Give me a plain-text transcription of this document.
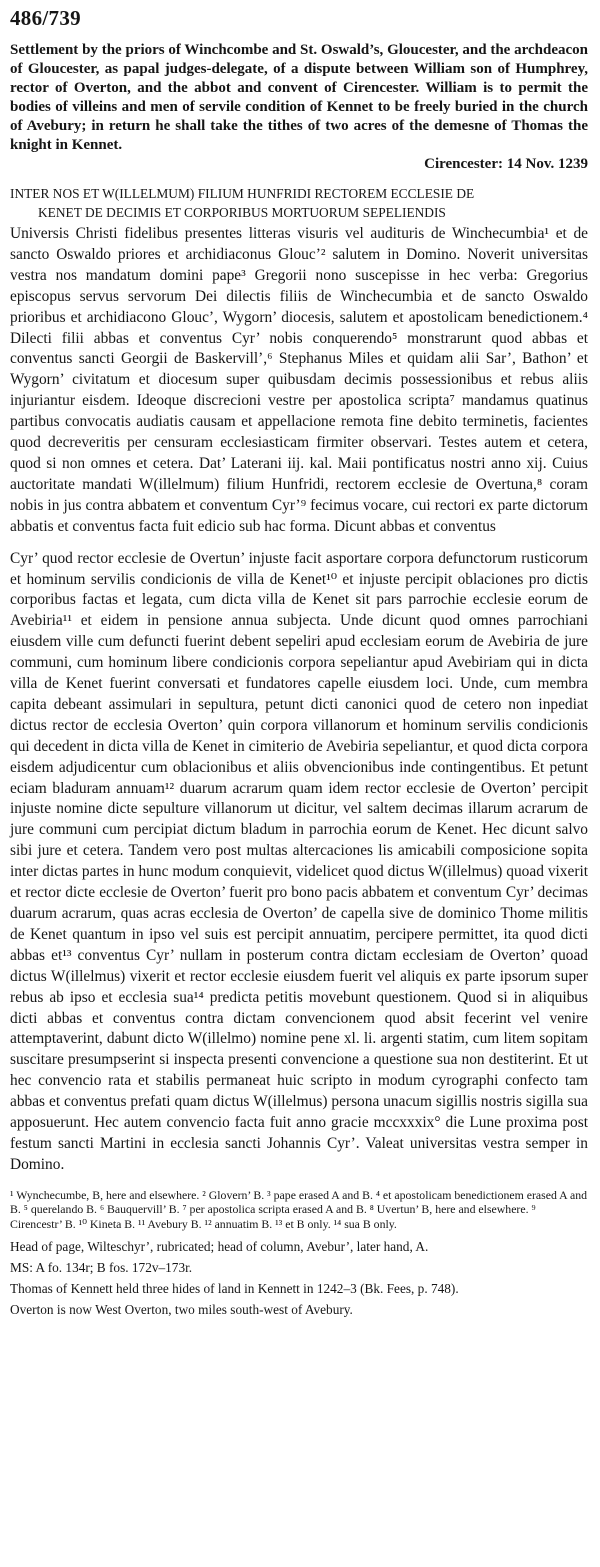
486/739
Settlement by the priors of Winchcombe and St. Oswald’s, Gloucester, and the archdeacon of Gloucester, as papal judges-delegate, of a dispute between William son of Humphrey, rector of Overton, and the abbot and convent of Cirencester. William is to permit the bodies of villeins and men of servile condition of Kennet to be freely buried in the church of Avebury; in return he shall take the tithes of two acres of the demesne of Thomas the knight in Kennet.
Cirencester: 14 Nov. 1239
INTER NOS ET W(ILLELMUM) FILIUM HUNFRIDI RECTOREM ECCLESIE DE
KENET DE DECIMIS ET CORPORIBUS MORTUORUM SEPELIENDIS

Universis Christi fidelibus presentes litteras visuris vel audituris de Winchecumbia¹ et de sancto Oswaldo priores et archidiaconus Glouc’² salutem in Domino. Noverit universitas vestra nos mandatum domini pape³ Gregorii nono suscepisse in hec verba: Gregorius episcopus servus servorum Dei dilectis filiis de Winchecumbia et de sancto Oswaldo prioribus et archidiacono Glouc’, Wygorn’ diocesis, salutem et apostolicam benedictionem.⁴ Dilecti filii abbas et conventus Cyr’ nobis conquerendo⁵ monstrarunt quod abbas et conventus sancti Georgii de Baskervill’,⁶ Stephanus Miles et quidam alii Sar’, Bathon’ et Wygorn’ civitatum et diocesum super quibusdam decimis possessionibus et rebus aliis injuriantur eisdem. Ideoque discrecioni vestre per apostolica scripta⁷ mandamus quatinus partibus convocatis audiatis causam et appellacione remota fine debito terminetis, facientes quod decreveritis per censuram ecclesiasticam firmiter observari. Testes autem et cetera, quod si non omnes et cetera. Dat’ Laterani iij. kal. Maii pontificatus nostri anno xij. Cuius auctoritate mandati W(illelmum) filium Hunfridi, rectorem ecclesie de Overtuna,⁸ coram nobis in jus contra abbatem et conventum Cyr’⁹ fecimus vocare, cui rectori ex parte dictorum abbatis et conventus facta fuit edicio sub hac forma. Dicunt abbas et conventus

Cyr’ quod rector ecclesie de Overtun’ injuste facit asportare corpora defunctorum rusticorum et hominum servilis condicionis de villa de Kenet¹⁰ et injuste percipit oblaciones pro dictis corporibus factas et legata, cum dicta villa de Kenet sit pars parrochie ecclesie eorum de Avebiria¹¹ et eidem in pensione annua subjecta. Unde dicunt quod omnes parrochiani eiusdem ville cum defuncti fuerint debent sepeliri apud ecclesiam eorum de Avebiria de jure communi, cum hominum libere condicionis corpora sepeliantur apud Avebiriam qui in dicta villa de Kenet fuerint conversati et fundatores capelle eiusdem loci. Unde, cum membra capita debeant assimulari in sepultura, petunt dicti canonici quod de cetero non inpediat dictus rector de ecclesia Overton’ quin corpora villanorum et hominum servilis condicionis qui decedent in dicta villa de Kenet in cimiterio de Avebiria sepeliantur, et quod dicta corpora eisdem adjudicentur cum oblacionibus et aliis obvencionibus inde contingentibus. Et petunt eciam bladuram annuam¹² duarum acrarum quam idem rector ecclesie de Overton’ percipit injuste nomine dicte sepulture villanorum ut dicitur, vel saltem decimas illarum acrarum de jure communi cum percipiat dictum bladum in parrochia eorum de Kenet. Hec dicunt salvo sibi jure et cetera. Tandem vero post multas altercaciones lis amicabili composicione sopita inter dictas partes in hunc modum conquievit, videlicet quod dictus W(illelmus) quoad vixerit et rector dicte ecclesie de Overton’ fuerit pro bono pacis abbatem et conventum Cyr’ decimas duarum acrarum, quas acras ecclesia de Overton’ de capella sive de dominico Thome militis de Kenet quantum in ipso vel suis est percipit annuatim, percipere permittet, ita quod dicti abbas et¹³ conventus Cyr’ nullam in posterum contra dictam ecclesiam de Overton’ quoad dictus W(illelmus) vixerit et rector ecclesie eiusdem fuerit vel aliquis ex parte ipsorum super rebus ab ipso et ecclesia sua¹⁴ predicta petitis movebunt questionem. Quod si in aliquibus dicti abbas et conventus contra dictam convencionem quod absit fecerint vel venire attemptaverint, dabunt dicto W(illelmo) nomine pene xl. li. argenti statim, cum litem sopitam suscitare presumpserint si inspecta presenti convencione a questione sua non destiterint. Et ut hec convencio rata et stabilis permaneat huic scripto in modum cyrographi confecto tam abbas et conventus prefati quam dictus W(illelmus) persona unacum sigillis nostris sigilla sua apposuerunt. Hec autem convencio facta fuit anno gracie mccxxxix° die Lune proxima post festum sancti Martini in ecclesia sancti Johannis Cyr’. Valeat universitas vestra semper in Domino.

¹ Wynchecumbe, B, here and elsewhere. ² Glovern’ B. ³ pape erased A and B. ⁴ et apostolicam benedictionem erased A and B. ⁵ querelando B. ⁶ Bauquervill’ B. ⁷ per apostolica scripta erased A and B. ⁸ Uvertun’ B, here and elsewhere. ⁹ Cirencestr’ B. ¹⁰ Kineta B. ¹¹ Avebury B. ¹² annuatim B. ¹³ et B only. ¹⁴ sua B only.
Head of page, Wilteschyr’, rubricated; head of column, Avebur’, later hand, A.
MS: A fo. 134r; B fos. 172v–173r.
Thomas of Kennett held three hides of land in Kennett in 1242–3 (Bk. Fees, p. 748).
Overton is now West Overton, two miles south-west of Avebury.
